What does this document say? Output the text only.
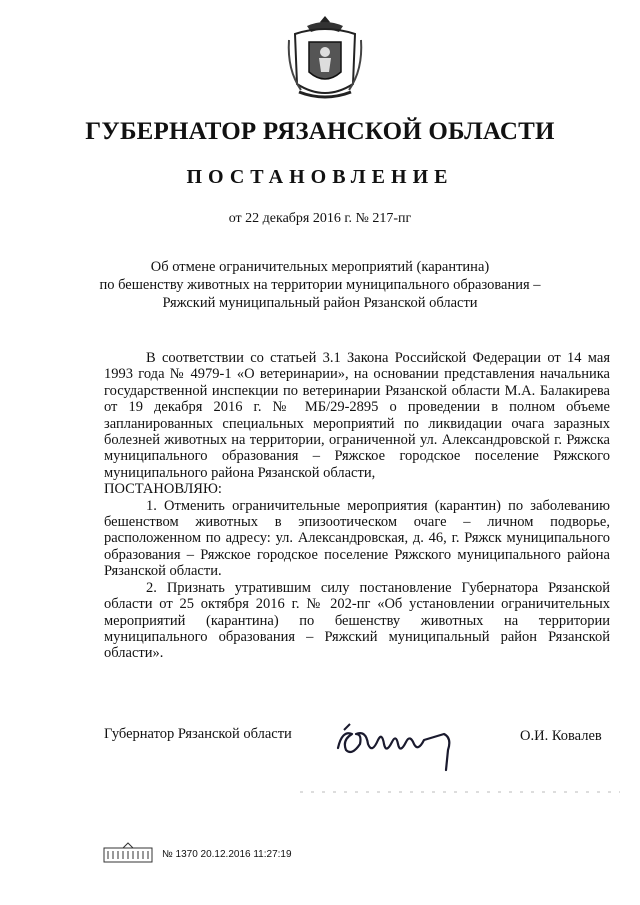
ГУБЕРНАТОР РЯЗАНСКОЙ ОБЛАСТИ
ПОСТАНОВЛЕНИЕ
от 22 декабря 2016 г. № 217-пг
Об отмене ограничительных мероприятий (карантина)
по бешенству животных на территории муниципального образования –
Ряжский муниципальный район Рязанской области

В соответствии со статьей 3.1 Закона Российской Федерации от 14 мая 1993 года № 4979-1 «О ветеринарии», на основании представления начальника государственной инспекции по ветеринарии Рязанской области М.А. Балакирева от 19 декабря 2016 г. № МБ/29-2895 о проведении в полном объеме запланированных специальных мероприятий по ликвидации очага заразных болезней животных на территории, ограниченной ул. Александровской г. Ряжска муниципального образования – Ряжское городское поселение Ряжского муниципального района Рязанской области,

ПОСТАНОВЛЯЮ:

1. Отменить ограничительные мероприятия (карантин) по заболеванию бешенством животных в эпизоотическом очаге – личном подворье, расположенном по адресу: ул. Александровская, д. 46, г. Ряжск муниципального образования – Ряжское городское поселение Ряжского муниципального района Рязанской области.

2. Признать утратившим силу постановление Губернатора Рязанской области от 25 октября 2016 г. № 202-пг «Об установлении ограничительных мероприятий (карантина) по бешенству животных на территории муниципального образования – Ряжский муниципальный район Рязанской области».

Губернатор Рязанской области	О.И. Ковалев
№ 1370 20.12.2016 11:27:19
